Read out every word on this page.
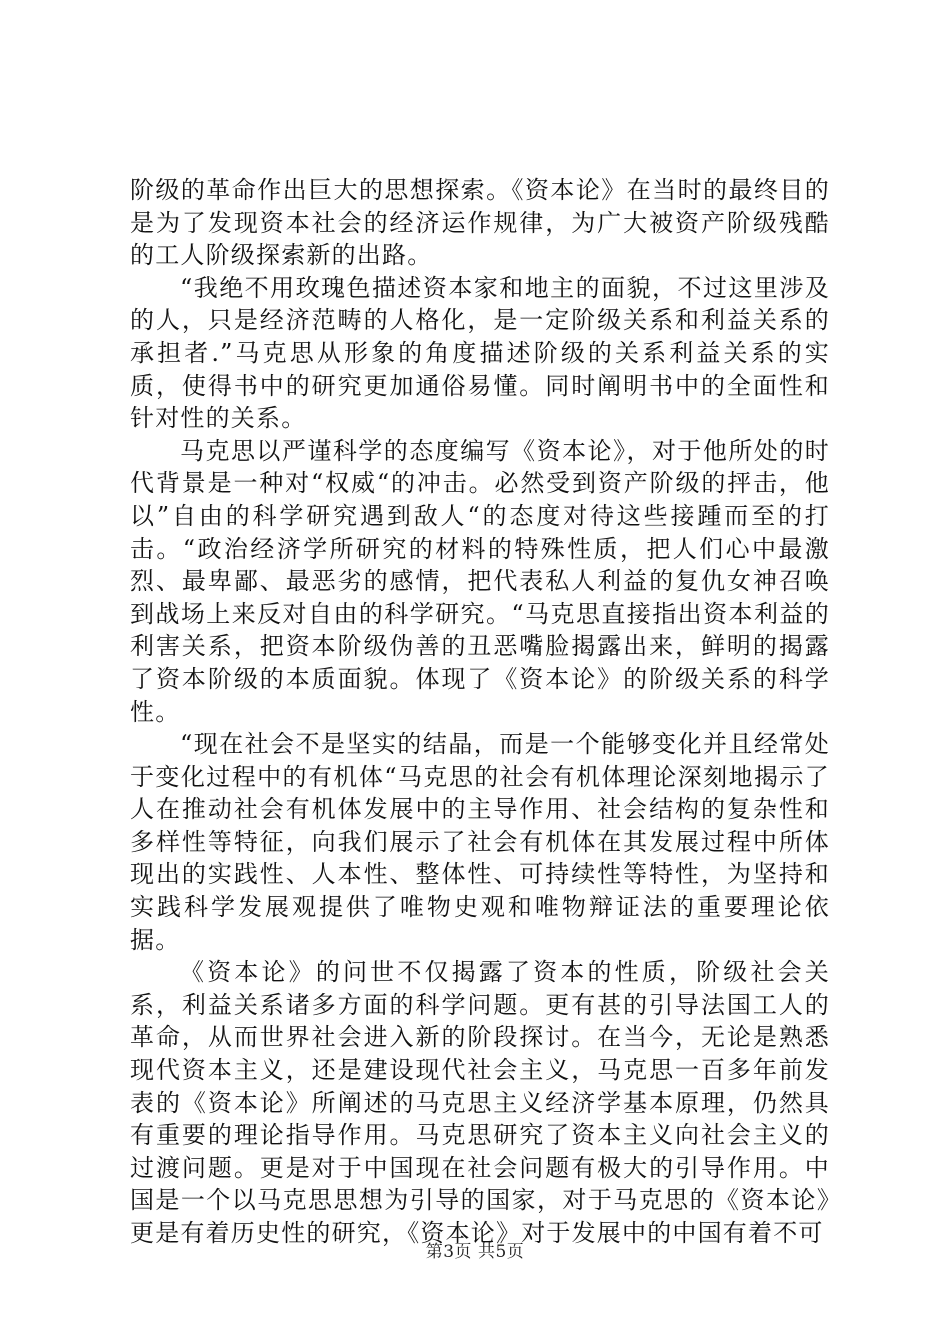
阶级的革命作出巨大的思想探索。《资本论》在当时的最终目的是为了发现资本社会的经济运作规律，为广大被资产阶级残酷的工人阶级探索新的出路。

“我绝不用玫瑰色描述资本家和地主的面貌，不过这里涉及的人，只是经济范畴的人格化，是一定阶级关系和利益关系的承担者.”马克思从形象的角度描述阶级的关系利益关系的实质，使得书中的研究更加通俗易懂。同时阐明书中的全面性和针对性的关系。

马克思以严谨科学的态度编写《资本论》，对于他所处的时代背景是一种对“权威“的冲击。必然受到资产阶级的抨击，他以”自由的科学研究遇到敌人“的态度对待这些接踵而至的打击。“政治经济学所研究的材料的特殊性质，把人们心中最激烈、最卑鄙、最恶劣的感情，把代表私人利益的复仇女神召唤到战场上来反对自由的科学研究。“马克思直接指出资本利益的利害关系，把资本阶级伪善的丑恶嘴脸揭露出来，鲜明的揭露了资本阶级的本质面貌。体现了《资本论》的阶级关系的科学性。

“现在社会不是坚实的结晶，而是一个能够变化并且经常处于变化过程中的有机体“马克思的社会有机体理论深刻地揭示了人在推动社会有机体发展中的主导作用、社会结构的复杂性和多样性等特征，向我们展示了社会有机体在其发展过程中所体现出的实践性、人本性、整体性、可持续性等特性，为坚持和实践科学发展观提供了唯物史观和唯物辩证法的重要理论依据。

《资本论》的问世不仅揭露了资本的性质，阶级社会关系，利益关系诸多方面的科学问题。更有甚的引导法国工人的革命，从而世界社会进入新的阶段探讨。在当今，无论是熟悉现代资本主义，还是建设现代社会主义，马克思一百多年前发表的《资本论》所阐述的马克思主义经济学基本原理，仍然具有重要的理论指导作用。马克思研究了资本主义向社会主义的过渡问题。更是对于中国现在社会问题有极大的引导作用。中国是一个以马克思思想为引导的国家，对于马克思的《资本论》更是有着历史性的研究，《资本论》对于发展中的中国有着不可

第3页 共5页
